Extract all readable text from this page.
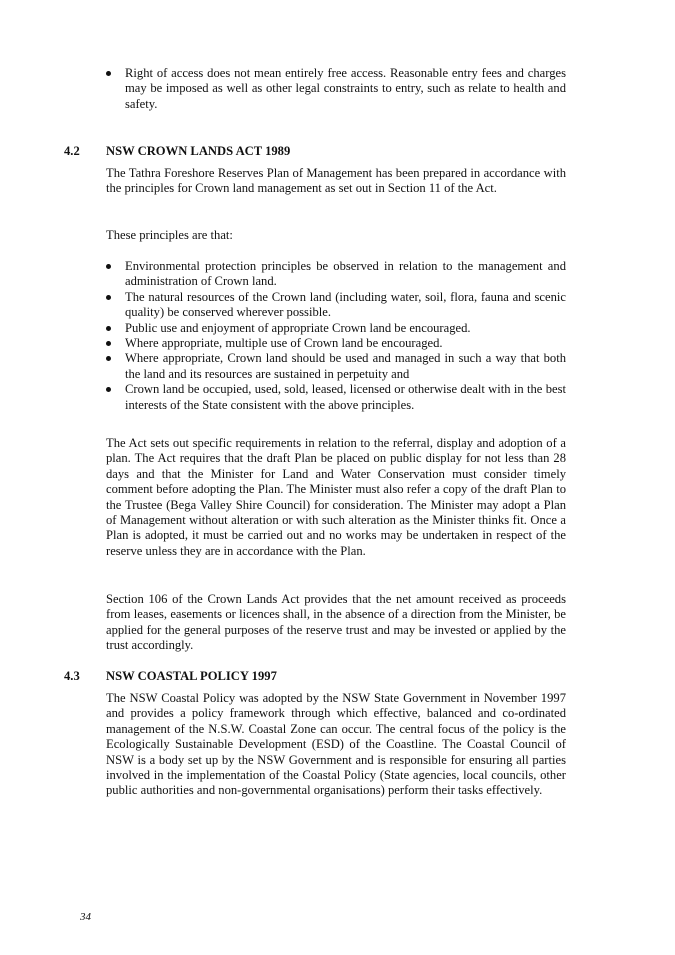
Right of access does not mean entirely free access. Reasonable entry fees and charges may be imposed as well as other legal constraints to entry, such as relate to health and safety.
4.2 NSW CROWN LANDS ACT 1989

The Tathra Foreshore Reserves Plan of Management has been prepared in accordance with the principles for Crown land management as set out in Section 11 of the Act.

These principles are that:

Environmental protection principles be observed in relation to the management and administration of Crown land.
The natural resources of the Crown land (including water, soil, flora, fauna and scenic quality) be conserved wherever possible.
Public use and enjoyment of appropriate Crown land be encouraged.
Where appropriate, multiple use of Crown land be encouraged.
Where appropriate, Crown land should be used and managed in such a way that both the land and its resources are sustained in perpetuity and
Crown land be occupied, used, sold, leased, licensed or otherwise dealt with in the best interests of the State consistent with the above principles.

The Act sets out specific requirements in relation to the referral, display and adoption of a plan. The Act requires that the draft Plan be placed on public display for not less than 28 days and that the Minister for Land and Water Conservation must consider timely comment before adopting the Plan. The Minister must also refer a copy of the draft Plan to the Trustee (Bega Valley Shire Council) for consideration. The Minister may adopt a Plan of Management without alteration or with such alteration as the Minister thinks fit. Once a Plan is adopted, it must be carried out and no works may be undertaken in respect of the reserve unless they are in accordance with the Plan.

Section 106 of the Crown Lands Act provides that the net amount received as proceeds from leases, easements or licences shall, in the absence of a direction from the Minister, be applied for the general purposes of the reserve trust and may be invested or applied by the trust accordingly.

4.3 NSW COASTAL POLICY 1997

The NSW Coastal Policy was adopted by the NSW State Government in November 1997 and provides a policy framework through which effective, balanced and co-ordinated management of the N.S.W. Coastal Zone can occur. The central focus of the policy is the Ecologically Sustainable Development (ESD) of the Coastline. The Coastal Council of NSW is a body set up by the NSW Government and is responsible for ensuring all parties involved in the implementation of the Coastal Policy (State agencies, local councils, other public authorities and non-governmental organisations) perform their tasks effectively.

34
